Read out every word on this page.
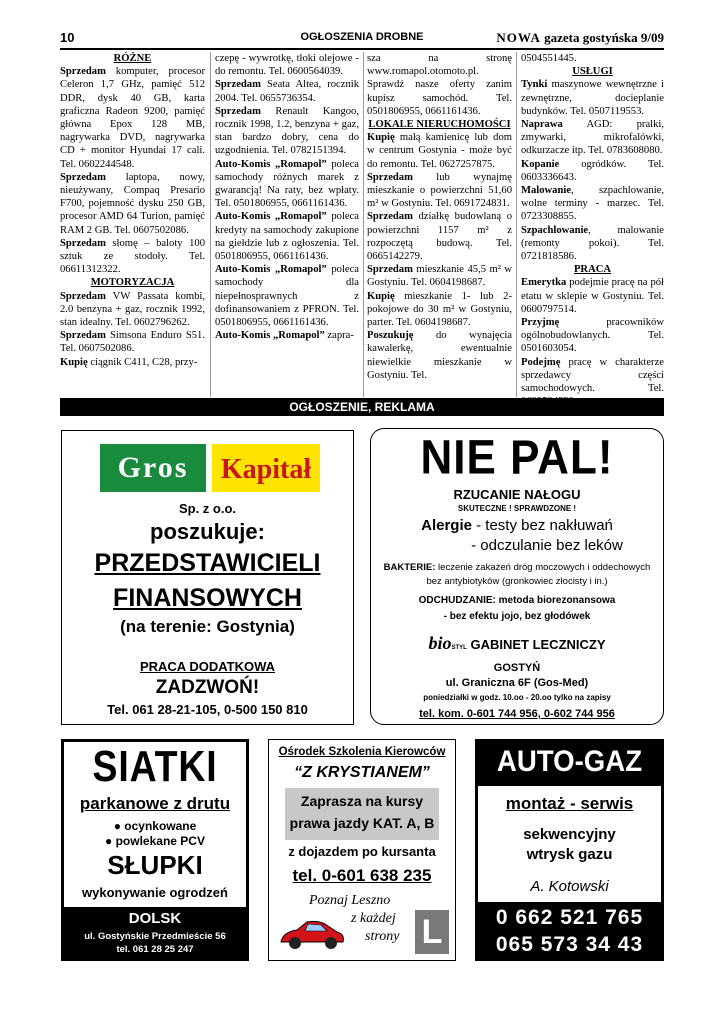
10	OGŁOSZENIA DROBNE	NOWA gazeta gostyńska 9/09

RÓŻNE

Sprzedam komputer, procesor Celeron 1,7 GHz, pamięć 512 DDR, dysk 40 GB, karta graficzna Radeon 9200, pamięć główna Epox 128 MB, nagrywarka DVD, nagrywarka CD + monitor Hyundai 17 cali. Tel. 0602244548.

Sprzedam laptopa, nowy, nieużywany, Compaq Presario F700, pojemność dysku 250 GB, procesor AMD 64 Turion, pamięć RAM 2 GB. Tel. 0607502086.

Sprzedam słomę – baloty 100 sztuk ze stodoły. Tel. 06611312322.

MOTORYZACJA

Sprzedam VW Passata kombi, 2.0 benzyna + gaz, rocznik 1992, stan idealny. Tel. 0602796262.

Sprzedam Simsona Enduro S51. Tel. 0607502086.

Kupię ciągnik C411, C28, przy-

czepę - wywrotkę, tłoki olejowe - do remontu. Tel. 0600564039.

Sprzedam Seata Altea, rocznik 2004. Tel. 0655736354.

Sprzedam Renault Kangoo, rocznik 1998, 1.2, benzyna + gaz, stan bardzo dobry, cena do uzgodnienia. Tel. 0782151394.

Auto-Komis „Romapol” polecа samochody różnych marek z gwarancją! Na raty, bez wpłaty. Tel. 0501806955, 0661161436.

Auto-Komis „Romapol” poleca kredyty na samochody zakupione na giełdzie lub z ogłoszenia. Tel. 0501806955, 0661161436.

Auto-Komis „Romapol” poleca samochody dla niepełnosprawnych z dofinansowaniem z PFRON. Tel. 0501806955, 0661161436.

Auto-Komis „Romapol” zapra-

sza na stronę www.romapol.otomoto.pl. Sprawdź nasze oferty zanim kupisz samochód. Tel. 0501806955, 0661161436.

LOKALE NIERUCHOMOŚCI

Kupię małą kamienicę lub dom w centrum Gostynia - może być do remontu. Tel. 0627257875.

Sprzedam lub wynajmę mieszkanie o powierzchni 51,60 m² w Gostyniu. Tel. 0691724831.

Sprzedam działkę budowlaną o powierzchni 1157 m² z rozpoczętą budową. Tel. 0665142279.

Sprzedam mieszkanie 45,5 m² w Gostyniu. Tel. 0604198687.

Kupię mieszkanie 1- lub 2-pokojowe do 30 m² w Gostyniu, parter. Tel. 0604198687.

Poszukuję do wynajęcia kawalerkę, ewentualnie niewielkie mieszkanie w Gostyniu. Tel.

0504551445.

USŁUGI

Tynki maszynowe wewnętrzne i zewnętrzne, docieplanie budynków. Tel. 0507119553.

Naprawa AGD: pralki, zmywarki, mikrofalówki, odkurzacze itp. Tel. 0783608080.

Kopanie ogródków. Tel. 0603336643.

Malowanie, szpachlowanie, wolne terminy - marzec. Tel. 0723308855.

Szpachlowanie, malowanie (remonty pokoi). Tel. 0721818586.

PRACA

Emerytka podejmie pracę na pół etatu w sklepie w Gostyniu. Tel. 0600797514.

Przyjmę pracowników ogólnobudowlanych. Tel. 0501603054.

Podejmę pracę w charakterze sprzedawcy części samochodowych. Tel.

OGŁOSZENIE, REKLAMA
Gros	Kapitał
Sp. z o.o.
poszukuje:
PRZEDSTAWICIELI
FINANSOWYCH
(na terenie: Gostynia)
PRACA DODATKOWA
ZADZWOŃ!
Tel. 061 28-21-105, 0-500 150 810
NIE PAL!
RZUCANIE NAŁOGU
SKUTECZNE ! SPRAWDZONE !
Alergie - testy bez nakłuwań
- odczulanie bez leków
BAKTERIE: leczenie zakażeń dróg moczowych i oddechowych
bez antybiotyków (gronkowiec złocisty i in.)
ODCHUDZANIE: metoda biorezonansowa
- bez efektu jojo, bez głodówek
bioSTYL GABINET LECZNICZY
GOSTYŃ
ul. Graniczna 6F (Gos-Med)
poniedziałki w godz. 10.oo - 20.oo tylko na zapisy
tel. kom. 0-601 744 956, 0-602 744 956
SIATKI
parkanowe z drutu
● ocynkowane
● powlekane PCV
SŁUPKI
wykonywanie ogrodzeń
DOLSK
ul. Gostyńskie Przedmieście 56
tel. 061 28 25 247
Ośrodek Szkolenia Kierowców
“Z KRYSTIANEM”
Zaprasza na kursy
prawa jazdy KAT. A, B
z dojazdem po kursanta
tel. 0-601 638 235
Poznaj Leszno
z każdej
strony L
AUTO-GAZ
montaż - serwis
sekwencyjny
wtrysk gazu
A. Kotowski
0 662 521 765
065 573 34 43
